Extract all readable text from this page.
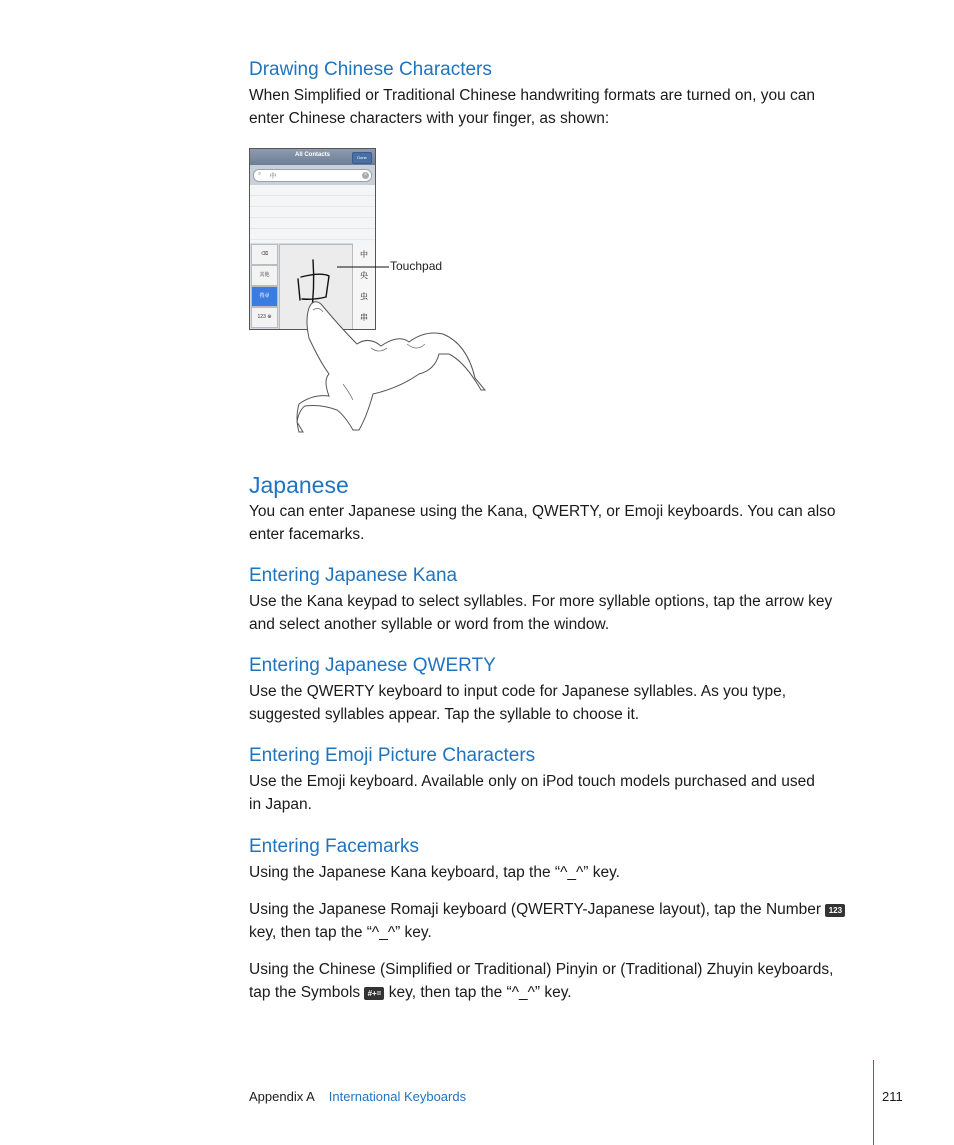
Drawing Chinese Characters
When Simplified or Traditional Chinese handwriting formats are turned on, you can
enter Chinese characters with your finger, as shown:
All Contacts	Done
⌕ 中	×
⌫
其他
搜尋
123 ⊕
中
央
虫
串
Touchpad
Japanese
You can enter Japanese using the Kana, QWERTY, or Emoji keyboards. You can also
enter facemarks.
Entering Japanese Kana
Use the Kana keypad to select syllables. For more syllable options, tap the arrow key
and select another syllable or word from the window.
Entering Japanese QWERTY
Use the QWERTY keyboard to input code for Japanese syllables. As you type,
suggested syllables appear. Tap the syllable to choose it.
Entering Emoji Picture Characters
Use the Emoji keyboard. Available only on iPod touch models purchased and used
in Japan.
Entering Facemarks
Using the Japanese Kana keyboard, tap the “^_^” key.
Using the Japanese Romaji keyboard (QWERTY-Japanese layout), tap the Number 123
key, then tap the “^_^” key.
Using the Chinese (Simplified or Traditional) Pinyin or (Traditional) Zhuyin keyboards,
tap the Symbols #+= key, then tap the “^_^” key.
Appendix A International Keyboards	211
